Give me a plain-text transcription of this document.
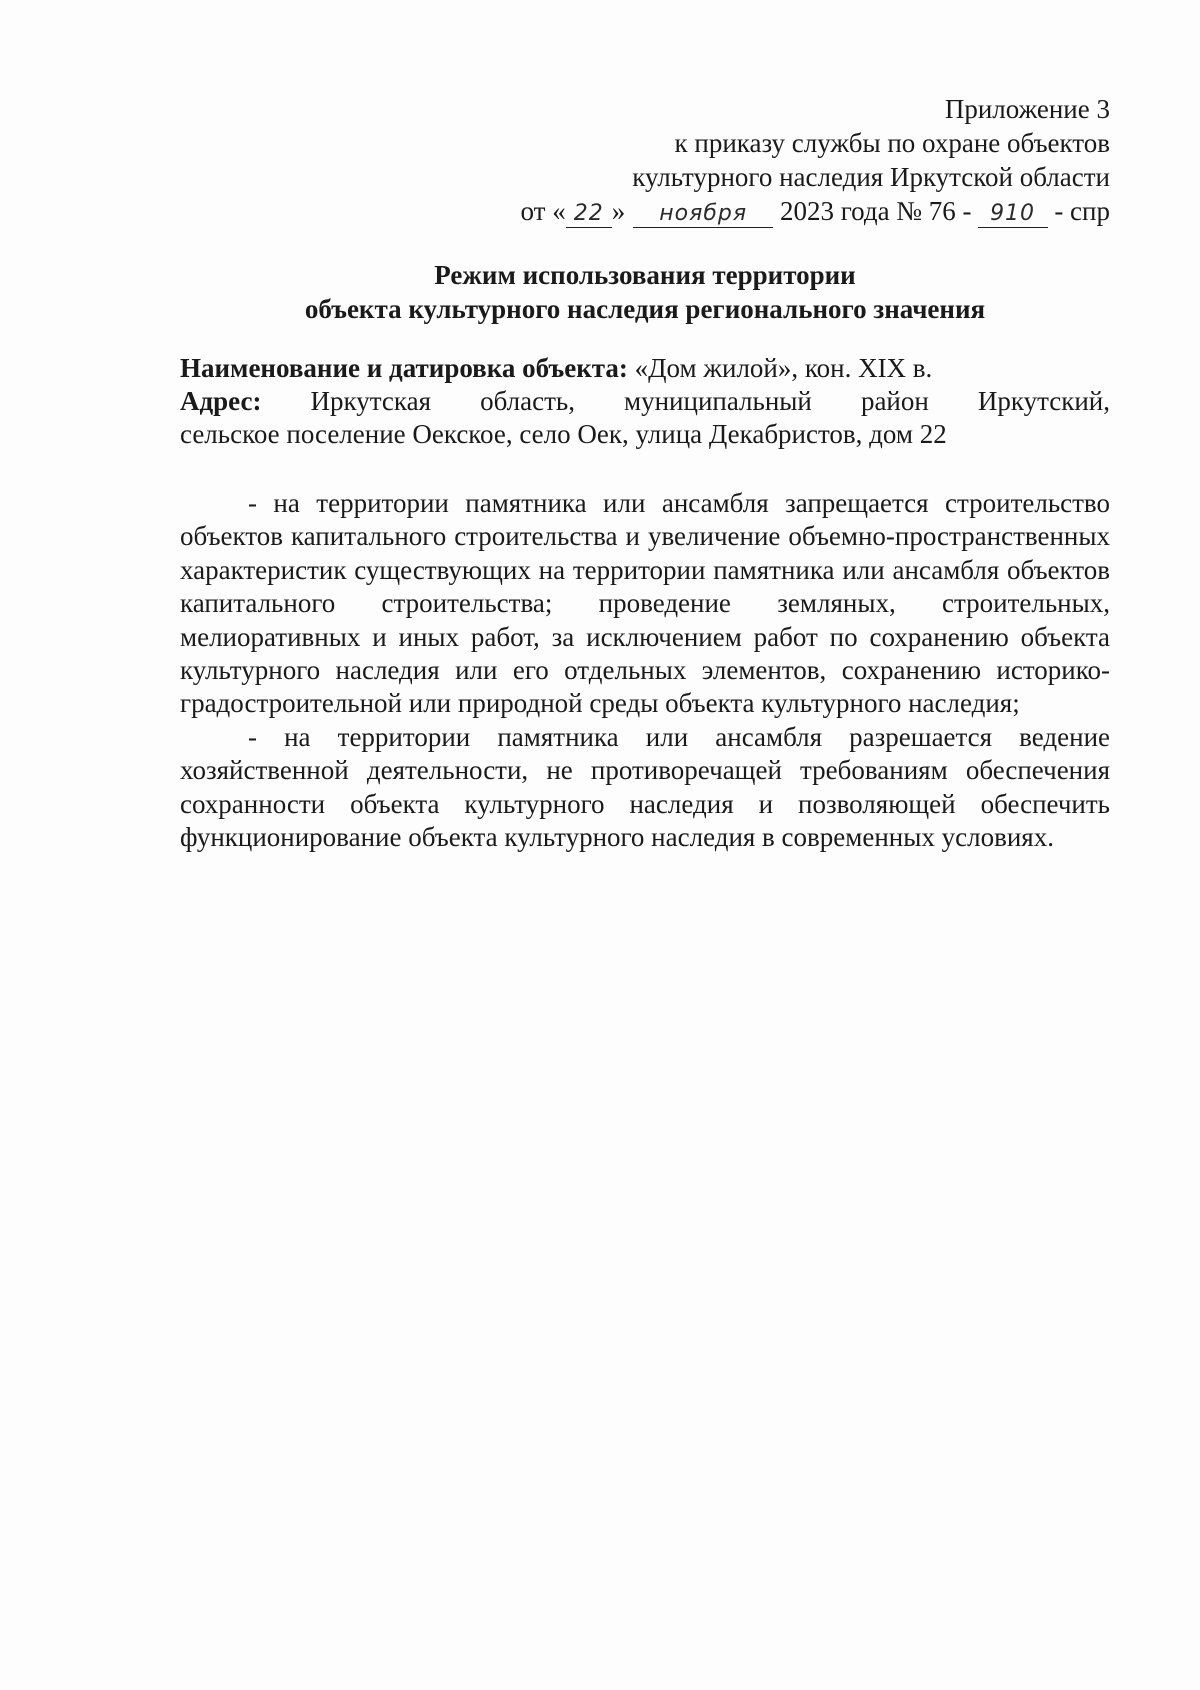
Приложение 3
к приказу службы по охране объектов
культурного наследия Иркутской области
от « 22 » ноября 2023 года № 76 - 910 - спр
Режим использования территории
объекта культурного наследия регионального значения
Наименование и датировка объекта: «Дом жилой», кон. XIX в.
Адрес: Иркутская область, муниципальный район Иркутский,
сельское поселение Оекское, село Оек, улица Декабристов, дом 22

- на территории памятника или ансамбля запрещается строительство объектов капитального строительства и увеличение объемно-пространственных характеристик существующих на территории памятника или ансамбля объектов капитального строительства; проведение земляных, строительных, мелиоративных и иных работ, за исключением работ по сохранению объекта культурного наследия или его отдельных элементов, сохранению историко-градостроительной или природной среды объекта культурного наследия;

- на территории памятника или ансамбля разрешается ведение хозяйственной деятельности, не противоречащей требованиям обеспечения сохранности объекта культурного наследия и позволяющей обеспечить функционирование объекта культурного наследия в современных условиях.
